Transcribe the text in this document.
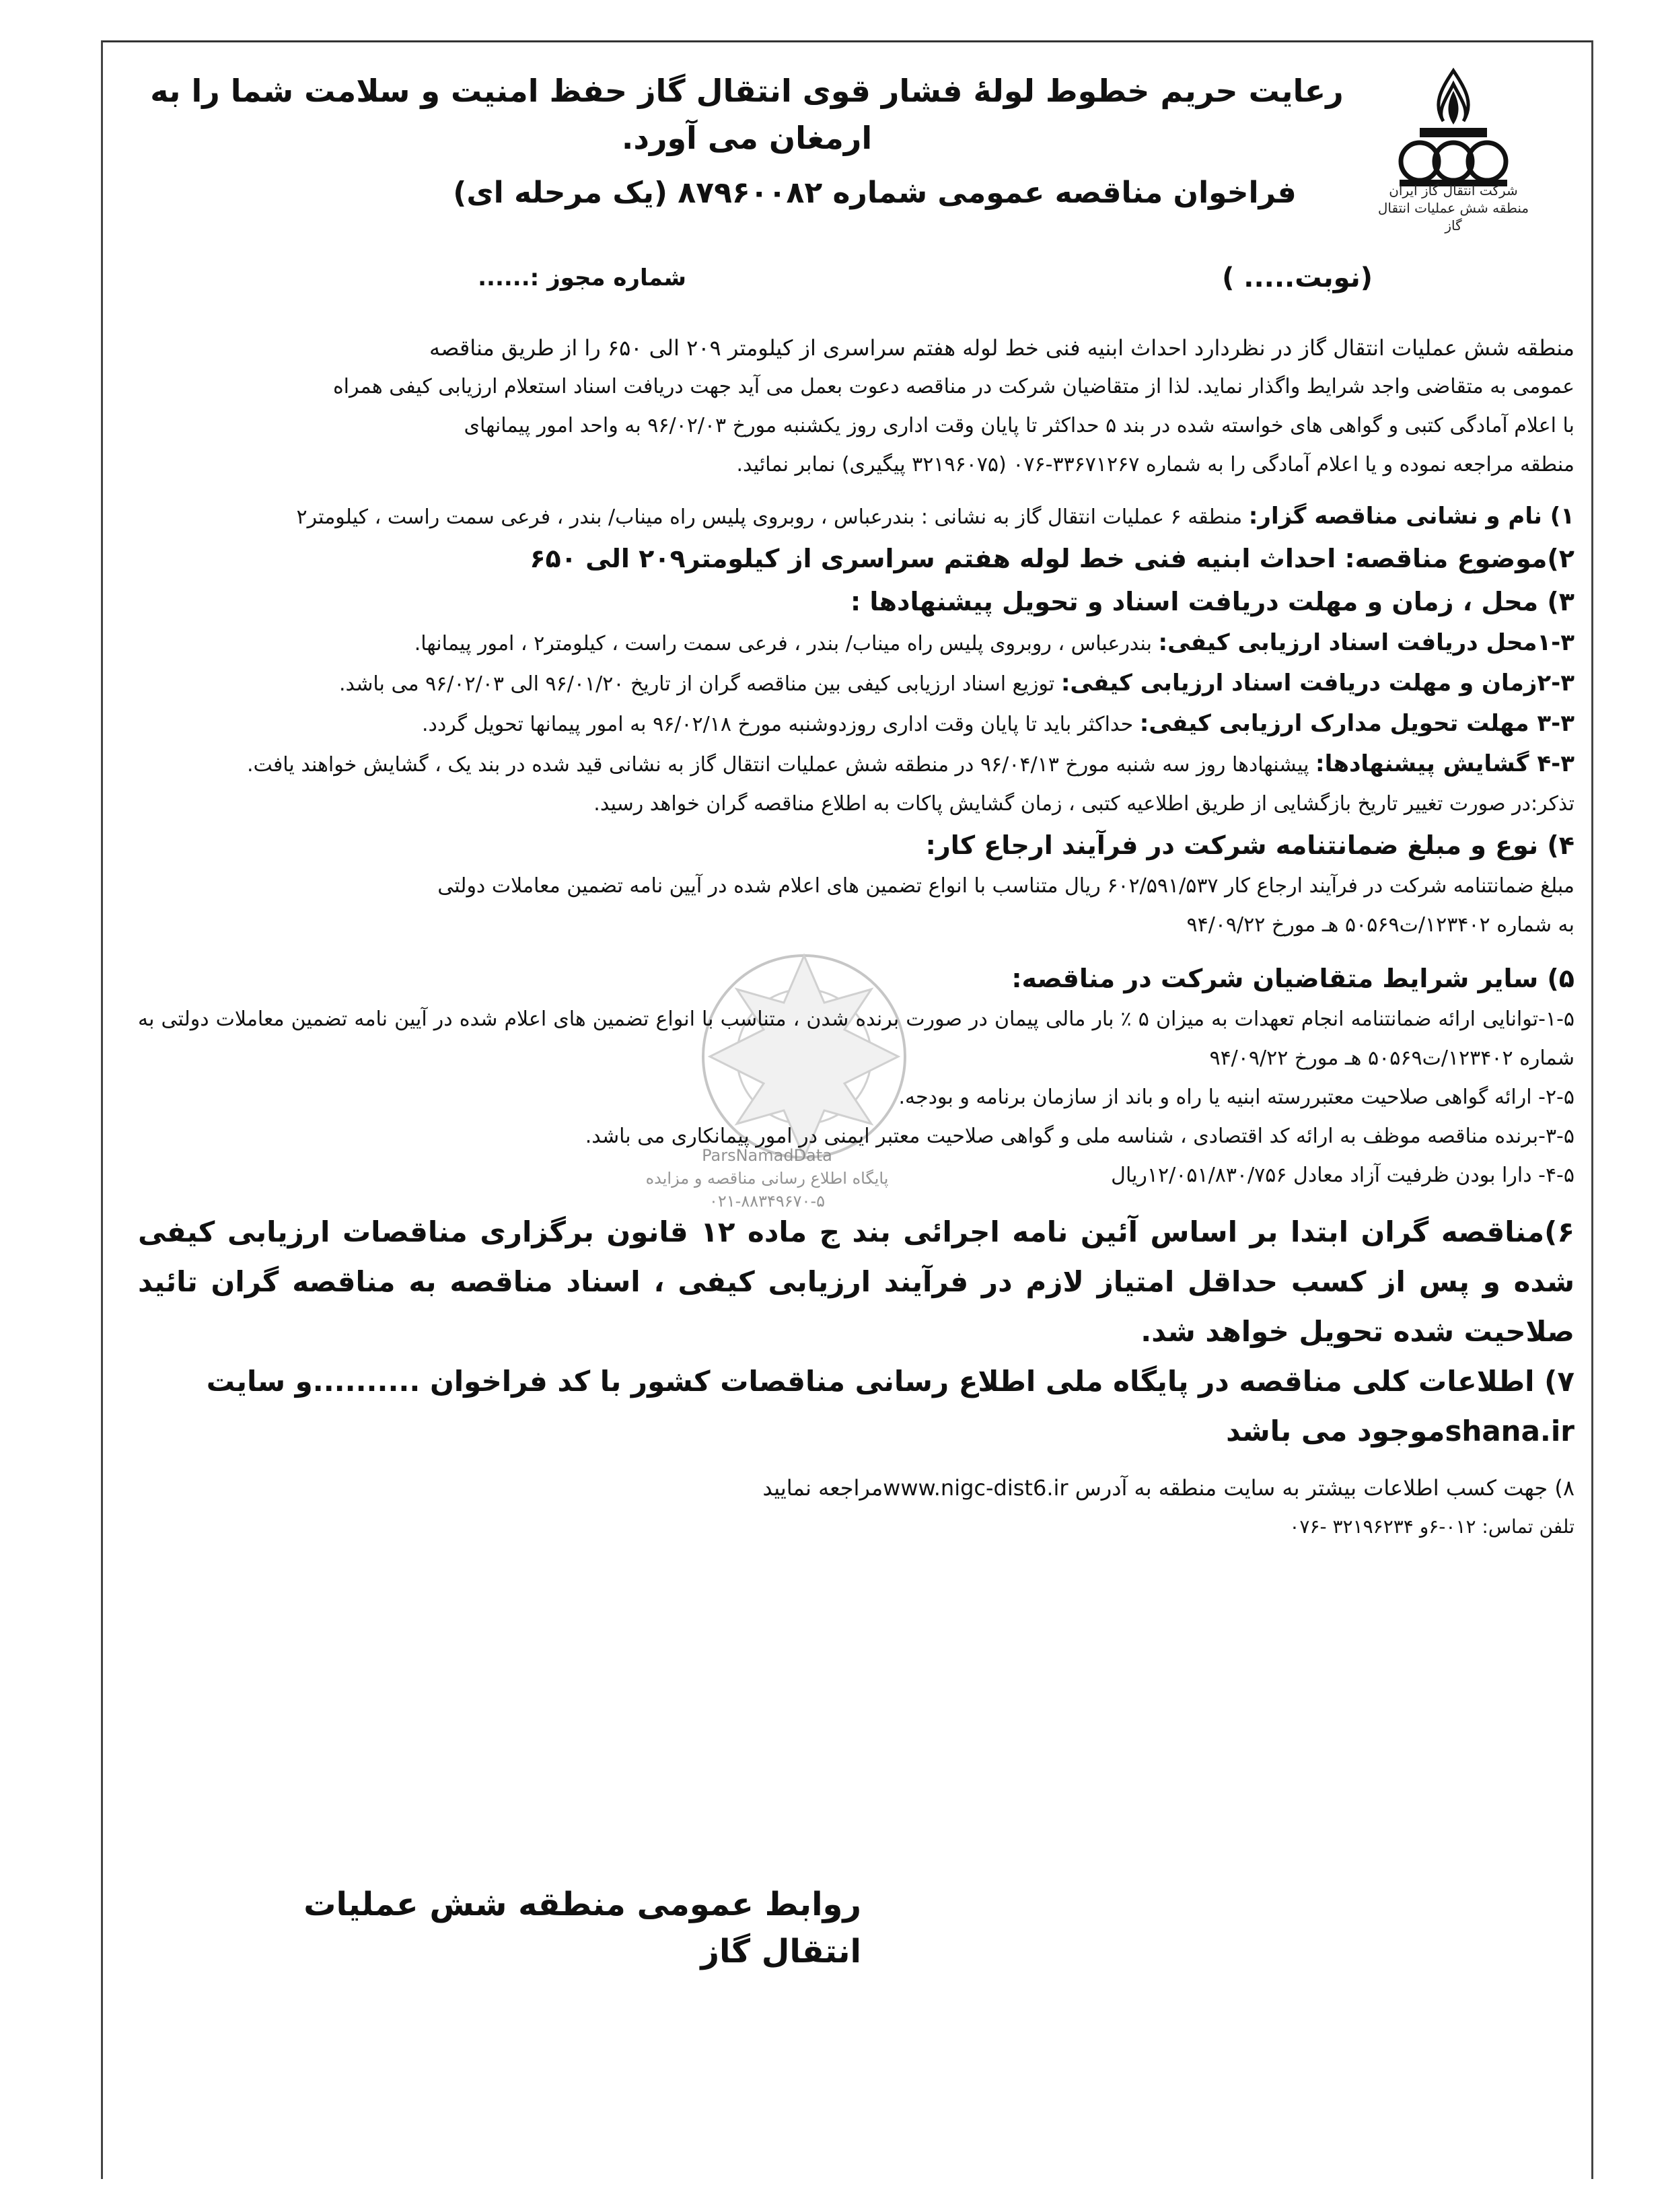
شرکت انتقال گاز ایران منطقه شش عملیات انتقال گاز
رعایت حریم خطوط لولهٔ فشار قوی انتقال گاز حفظ امنیت و سلامت شما را به ارمغان می آورد.
فراخوان مناقصه عمومی شماره ۸۷۹۶۰۰۸۲ (یک مرحله ای)
(نوبت..... )
شماره مجوز :......
ParsNamadData
پایگاه اطلاع رسانی مناقصه و مزایده
۰۲۱-۸۸۳۴۹۶۷۰-۵

منطقه شش عملیات انتقال گاز در نظردارد احداث ابنیه فنی خط لوله هفتم سراسری از کیلومتر ۲۰۹ الی ۶۵۰ را از طریق مناقصه

عمومی به متقاضی واجد شرایط واگذار نماید. لذا از متقاضیان شرکت در مناقصه دعوت بعمل می آید جهت دریافت اسناد استعلام ارزیابی کیفی همراه

با اعلام آمادگی کتبی و گواهی های خواسته شده در بند ۵ حداکثر تا پایان وقت اداری روز یکشنبه مورخ ۹۶/۰۲/۰۳ به واحد امور پیمانهای

منطقه مراجعه نموده و یا اعلام آمادگی را به شماره ۳۳۶۷۱۲۶۷-۰۷۶ (۳۲۱۹۶۰۷۵ پیگیری) نمابر نمائید.

۱) نام و نشانی مناقصه گزار: منطقه ۶ عملیات انتقال گاز به نشانی : بندرعباس ، روبروی پلیس راه میناب/ بندر ، فرعی سمت راست ، کیلومتر۲

۲)موضوع مناقصه: احداث ابنیه فنی خط لوله هفتم سراسری از کیلومتر۲۰۹ الی ۶۵۰

۳) محل ، زمان و مهلت دریافت اسناد و تحویل پیشنهادها :

۱-۳محل دریافت اسناد ارزیابی کیفی: بندرعباس ، روبروی پلیس راه میناب/ بندر ، فرعی سمت راست ، کیلومتر۲ ، امور پیمانها.

۲-۳زمان و مهلت دریافت اسناد ارزیابی کیفی: توزیع اسناد ارزیابی کیفی بین مناقصه گران از تاریخ ۹۶/۰۱/۲۰ الی ۹۶/۰۲/۰۳ می باشد.

۳-۳ مهلت تحویل مدارک ارزیابی کیفی: حداکثر باید تا پایان وقت اداری روزدوشنبه مورخ ۹۶/۰۲/۱۸ به امور پیمانها تحویل گردد.

۴-۳ گشایش پیشنهادها: پیشنهادها روز سه شنبه مورخ ۹۶/۰۴/۱۳ در منطقه شش عملیات انتقال گاز به نشانی قید شده در بند یک ، گشایش خواهند یافت.

تذکر:در صورت تغییر تاریخ بازگشایی از طریق اطلاعیه کتبی ، زمان گشایش پاکات به اطلاع مناقصه گران خواهد رسید.

۴) نوع و مبلغ ضمانتنامه شرکت در فرآیند ارجاع کار:

مبلغ ضمانتنامه شرکت در فرآیند ارجاع کار ۶۰۲/۵۹۱/۵۳۷ ریال متناسب با انواع تضمین های اعلام شده در آیین نامه تضمین معاملات دولتی

به شماره ۱۲۳۴۰۲/ت۵۰۵۶۹ هـ مورخ ۹۴/۰۹/۲۲

۵) سایر شرایط متقاضیان شرکت در مناقصه:

۱-۵-توانایی ارائه ضمانتنامه انجام تعهدات به میزان ۵ ٪ بار مالی پیمان در صورت برنده شدن ، متناسب با انواع تضمین های اعلام شده در آیین نامه تضمین معاملات دولتی به شماره ۱۲۳۴۰۲/ت۵۰۵۶۹ هـ مورخ ۹۴/۰۹/۲۲

۲-۵- ارائه گواهی صلاحیت معتبررسته ابنیه یا راه و باند از سازمان برنامه و بودجه.

۳-۵-برنده مناقصه موظف به ارائه کد اقتصادی ، شناسه ملی و گواهی صلاحیت معتبر ایمنی در امور پیمانکاری می باشد.

۴-۵- دارا بودن ظرفیت آزاد معادل ۱۲/۰۵۱/۸۳۰/۷۵۶ریال

۶)مناقصه گران ابتدا بر اساس آئین نامه اجرائی بند ج ماده ۱۲ قانون برگزاری مناقصات ارزیابی کیفی شده و پس از کسب حداقل امتیاز لازم در فرآیند ارزیابی کیفی ، اسناد مناقصه به مناقصه گران تائید صلاحیت شده تحویل خواهد شد.

۷) اطلاعات کلی مناقصه در پایگاه ملی اطلاع رسانی مناقصات کشور با کد فراخوان ..........و سایت

shana.irموجود می باشد

۸) جهت کسب اطلاعات بیشتر به سایت منطقه به آدرس www.nigc-dist6.irمراجعه نمایید

تلفن تماس: ۰۱۲-۶و ۳۲۱۹۶۲۳۴ -۰۷۶

روابط عمومی منطقه شش عملیات انتقال گاز
